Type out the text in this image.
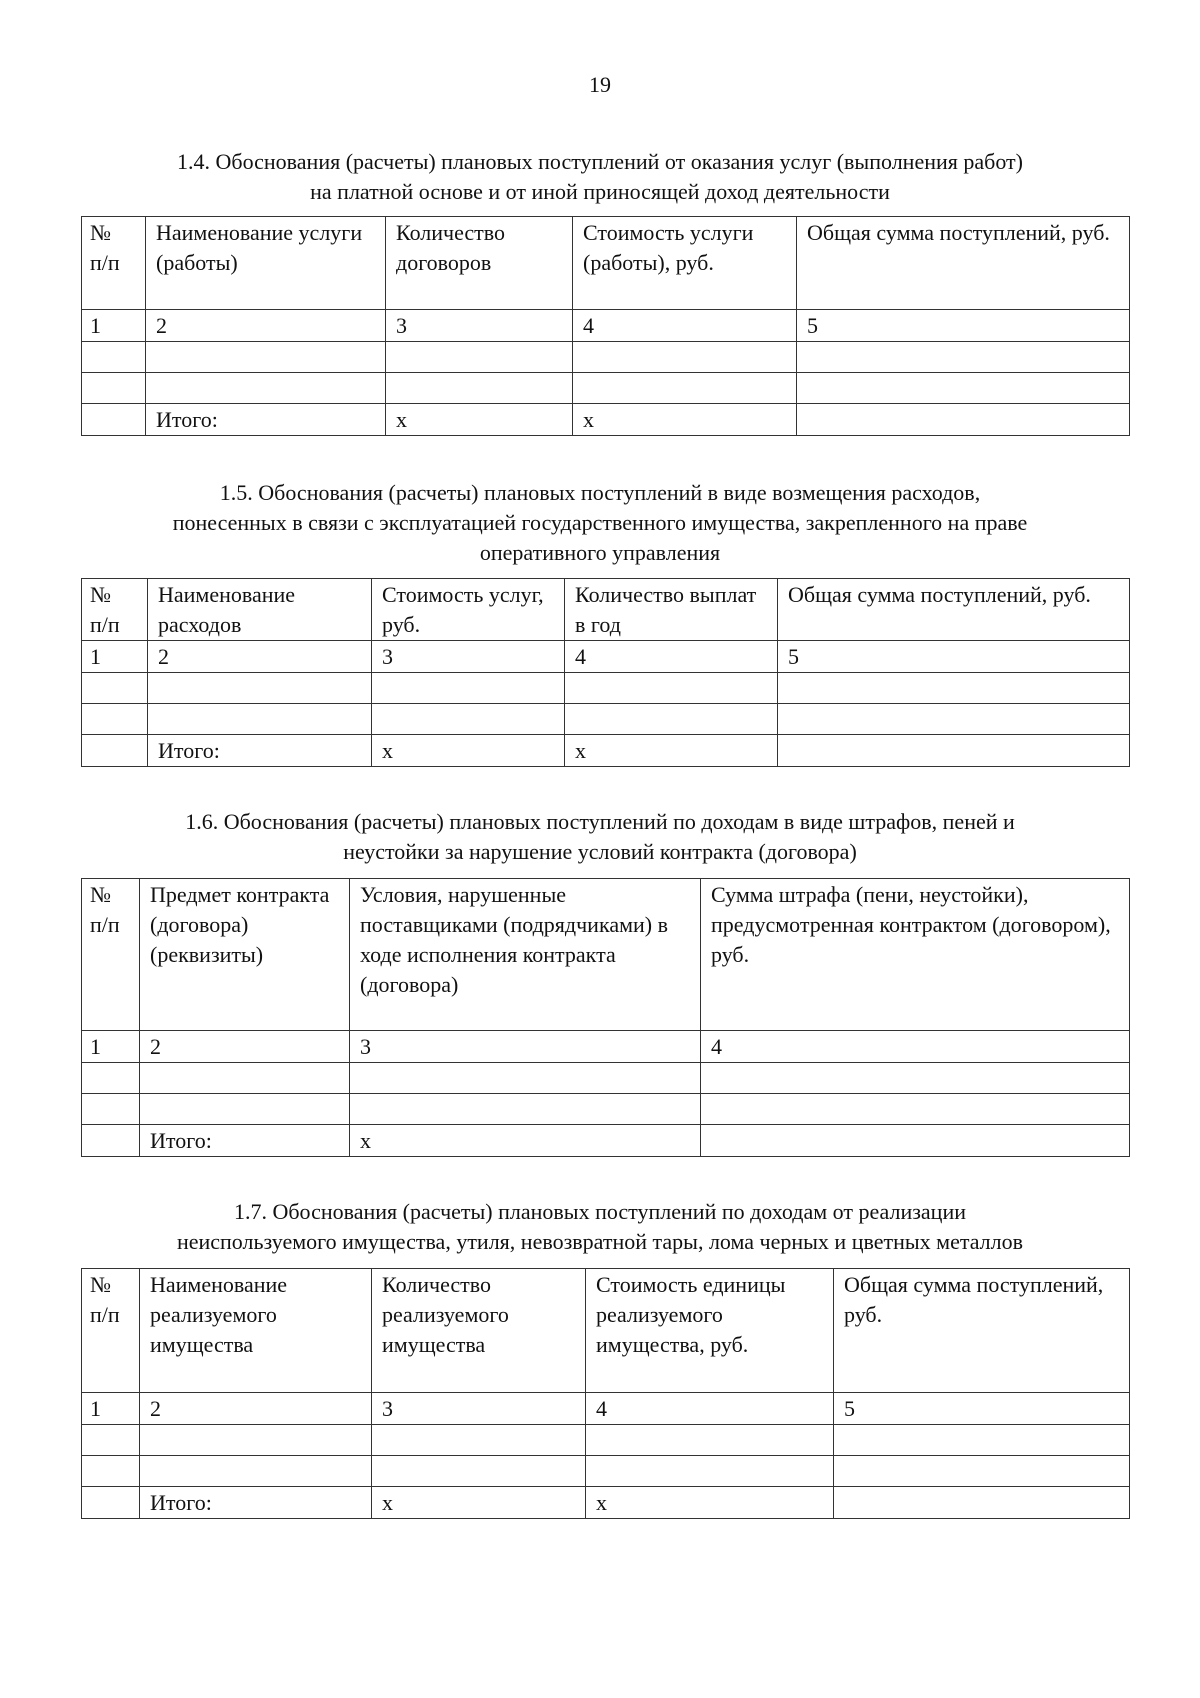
19
1.4. Обоснования (расчеты) плановых поступлений от оказания услуг (выполнения работ)
на платной основе и от иной приносящей доход деятельности
№ п/п	Наименование услуги (работы)	Количество договоров	Стоимость услуги (работы), руб.	Общая сумма поступлений, руб.
1	2	3	4	5

	Итого:	x	x	
1.5. Обоснования (расчеты) плановых поступлений в виде возмещения расходов,
понесенных в связи с эксплуатацией государственного имущества, закрепленного на праве
оперативного управления
№ п/п	Наименование расходов	Стоимость услуг, руб.	Количество выплат в год	Общая сумма поступлений, руб.
1	2	3	4	5

	Итого:	x	x	
1.6. Обоснования (расчеты) плановых поступлений по доходам в виде штрафов, пеней и
неустойки за нарушение условий контракта (договора)
№ п/п	Предмет контракта (договора) (реквизиты)	Условия, нарушенные поставщиками (подрядчиками) в ходе исполнения контракта (договора)	Сумма штрафа (пени, неустойки), предусмотренная контрактом (договором), руб.
1	2	3	4

	Итого:	x	
1.7. Обоснования (расчеты) плановых поступлений по доходам от реализации
неиспользуемого имущества, утиля, невозвратной тары, лома черных и цветных металлов
№ п/п	Наименование реализуемого имущества	Количество реализуемого имущества	Стоимость единицы реализуемого имущества, руб.	Общая сумма поступлений, руб.
1	2	3	4	5

	Итого:	x	x	
